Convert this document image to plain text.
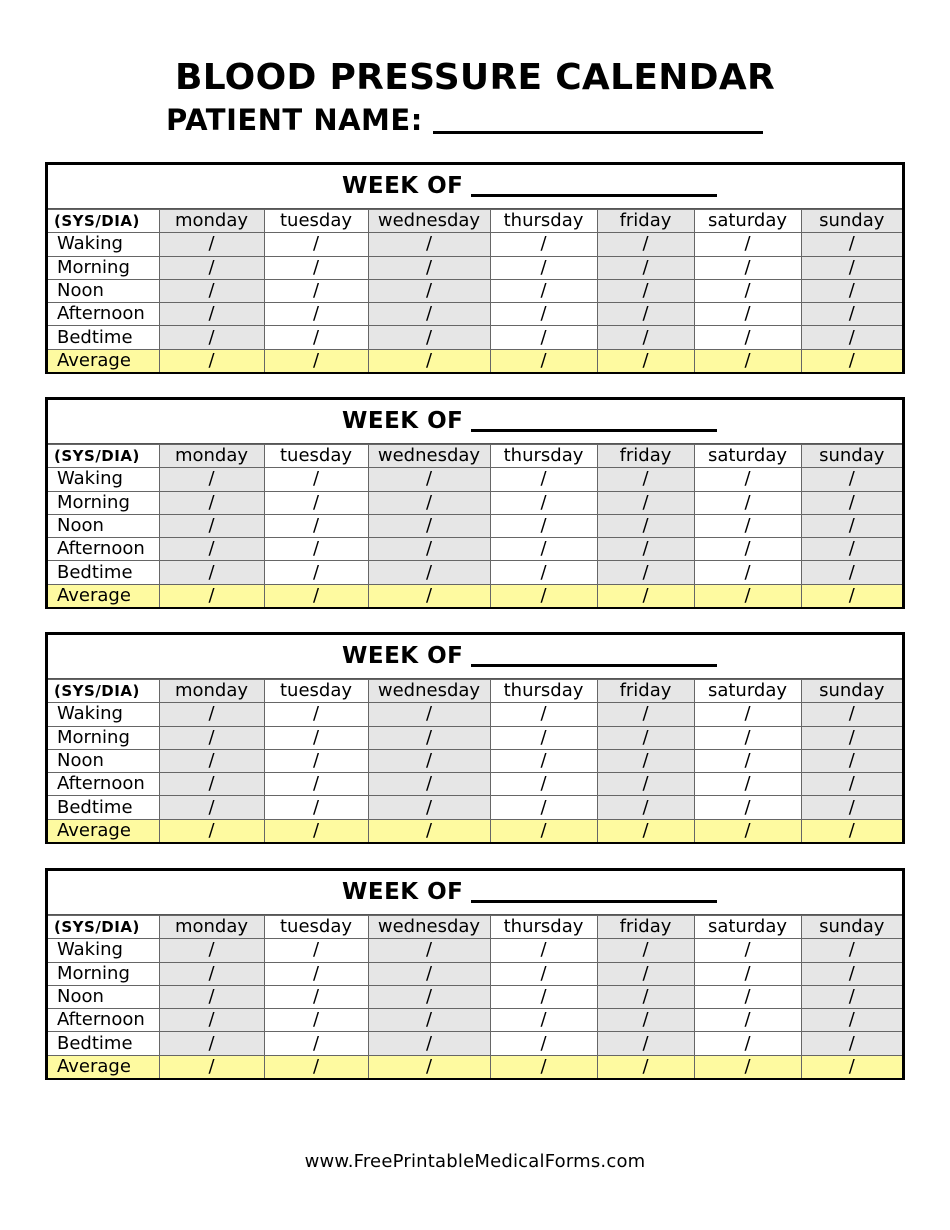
BLOOD PRESSURE CALENDAR
PATIENT NAME:
WEEK OF
(SYS/DIA)	monday	tuesday	wednesday	thursday	friday	saturday	sunday
Waking	/	/	/	/	/	/	/
Morning	/	/	/	/	/	/	/
Noon	/	/	/	/	/	/	/
Afternoon	/	/	/	/	/	/	/
Bedtime	/	/	/	/	/	/	/
Average	/	/	/	/	/	/	/
WEEK OF
(SYS/DIA)	monday	tuesday	wednesday	thursday	friday	saturday	sunday
Waking	/	/	/	/	/	/	/
Morning	/	/	/	/	/	/	/
Noon	/	/	/	/	/	/	/
Afternoon	/	/	/	/	/	/	/
Bedtime	/	/	/	/	/	/	/
Average	/	/	/	/	/	/	/
WEEK OF
(SYS/DIA)	monday	tuesday	wednesday	thursday	friday	saturday	sunday
Waking	/	/	/	/	/	/	/
Morning	/	/	/	/	/	/	/
Noon	/	/	/	/	/	/	/
Afternoon	/	/	/	/	/	/	/
Bedtime	/	/	/	/	/	/	/
Average	/	/	/	/	/	/	/
WEEK OF
(SYS/DIA)	monday	tuesday	wednesday	thursday	friday	saturday	sunday
Waking	/	/	/	/	/	/	/
Morning	/	/	/	/	/	/	/
Noon	/	/	/	/	/	/	/
Afternoon	/	/	/	/	/	/	/
Bedtime	/	/	/	/	/	/	/
Average	/	/	/	/	/	/	/
www.FreePrintableMedicalForms.com
